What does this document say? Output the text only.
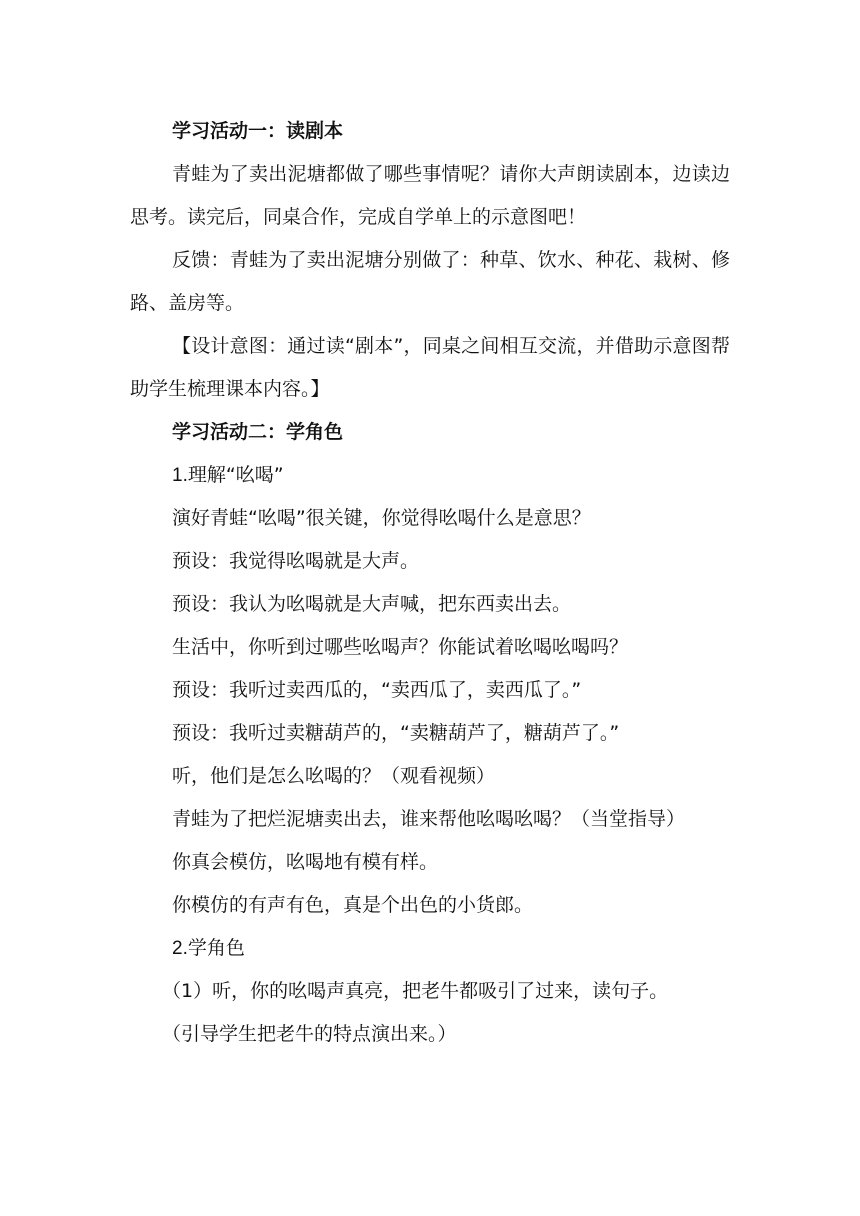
学习活动一：读剧本

青蛙为了卖出泥塘都做了哪些事情呢？请你大声朗读剧本，边读边思考。读完后，同桌合作，完成自学单上的示意图吧！

反馈：青蛙为了卖出泥塘分别做了：种草、饮水、种花、栽树、修路、盖房等。

【设计意图：通过读“剧本”，同桌之间相互交流，并借助示意图帮助学生梳理课本内容。】

学习活动二：学角色

1.理解“吆喝”

演好青蛙“吆喝”很关键，你觉得吆喝什么是意思？

预设：我觉得吆喝就是大声。

预设：我认为吆喝就是大声喊，把东西卖出去。

生活中，你听到过哪些吆喝声？你能试着吆喝吆喝吗？

预设：我听过卖西瓜的，“卖西瓜了，卖西瓜了。”

预设：我听过卖糖葫芦的，“卖糖葫芦了，糖葫芦了。”

听，他们是怎么吆喝的？（观看视频）

青蛙为了把烂泥塘卖出去，谁来帮他吆喝吆喝？（当堂指导）

你真会模仿，吆喝地有模有样。

你模仿的有声有色，真是个出色的小货郎。

2.学角色

（1）听，你的吆喝声真亮，把老牛都吸引了过来，读句子。

（引导学生把老牛的特点演出来。）
